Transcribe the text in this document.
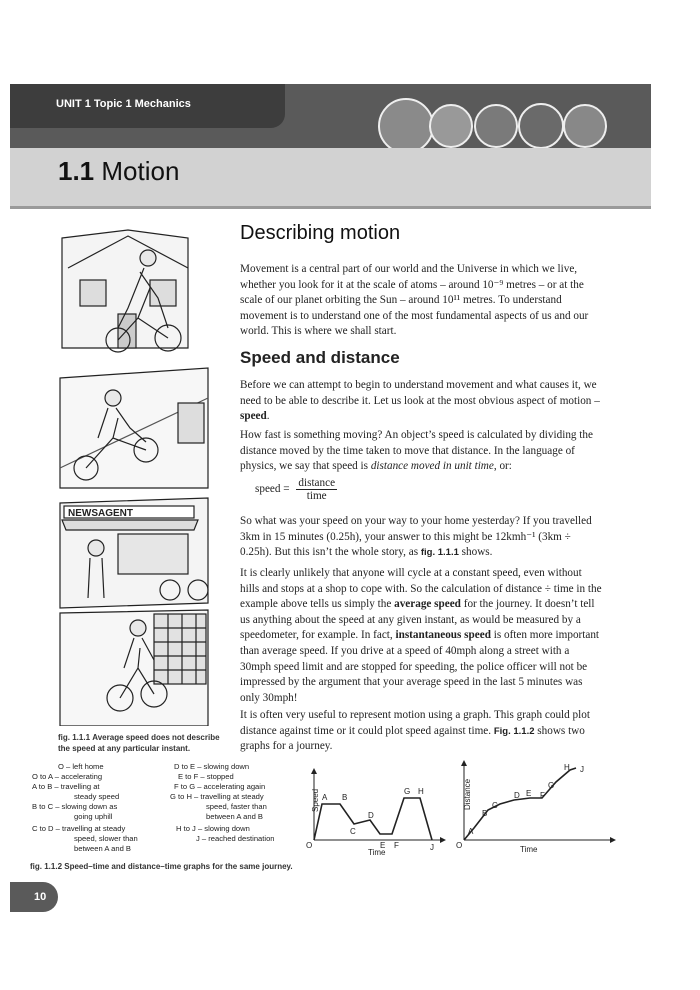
UNIT 1 Topic 1 Mechanics
1.1 Motion
NEWSAGENT
fig. 1.1.1 Average speed does not describe the speed at any particular instant.
Describing motion
Movement is a central part of our world and the Universe in which we live, whether you look for it at the scale of atoms – around 10⁻⁹ metres – or at the scale of our planet orbiting the Sun – around 10¹¹ metres. To understand movement is to understand one of the most fundamental aspects of us and our world. This is where we shall start.
Speed and distance
Before we can attempt to begin to understand movement and what causes it, we need to be able to describe it. Let us look at the most obvious aspect of motion – speed.
How fast is something moving? An object’s speed is calculated by dividing the distance moved by the time taken to move that distance. In the language of physics, we say that speed is distance moved in unit time, or:
speed = $\frac{\text{distance}}{\text{time}}$
So what was your speed on your way to your home yesterday? If you travelled 3km in 15 minutes (0.25h), your answer to this might be 12kmh⁻¹ (3km ÷ 0.25h). But this isn’t the whole story, as fig. 1.1.1 shows.
It is clearly unlikely that anyone will cycle at a constant speed, even without hills and stops at a shop to cope with. So the calculation of distance ÷ time in the example above tells us simply the average speed for the journey. It doesn’t tell us anything about the speed at any given instant, as would be measured by a speedometer, for example. In fact, instantaneous speed is often more important than average speed. If you drive at a speed of 40mph along a street with a 30mph speed limit and are stopped for speeding, the police officer will not be impressed by the argument that your average speed in the last 5 minutes was only 30mph!
It is often very useful to represent motion using a graph. This graph could plot distance against time or it could plot speed against time. Fig. 1.1.2 shows two graphs for a journey.
O – left home
O to A – accelerating
A to B – travelling at
steady speed
B to C – slowing down as
going uphill
C to D – travelling at steady
speed, slower than
between A and B
D to E – slowing down
E to F – stopped
F to G – accelerating again
G to H – travelling at steady
speed, faster than
between A and B
H to J – slowing down
J – reached destination
Speed
Time
O
A B
C
D
E F
G H
J
Distance
Time
O
A
B
C
D E F
G
H J
fig. 1.1.2 Speed–time and distance–time graphs for the same journey.
10
